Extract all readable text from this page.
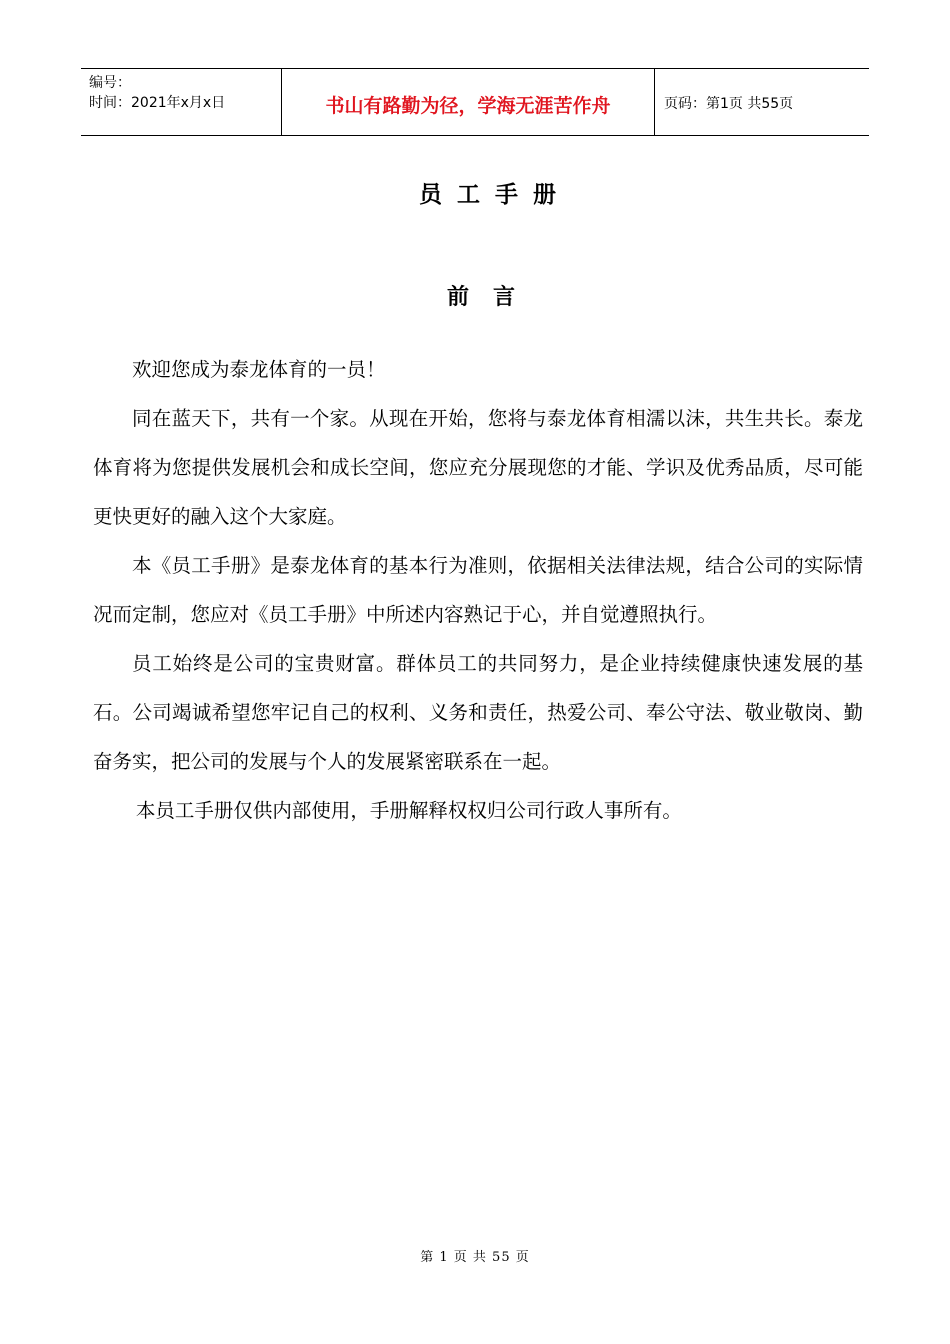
编号：
时间：2021年x月x日	书山有路勤为径，学海无涯苦作舟	页码：第1页 共55页
员工手册
前言

欢迎您成为泰龙体育的一员！

同在蓝天下，共有一个家。从现在开始，您将与泰龙体育相濡以沫，共生共长。泰龙体育将为您提供发展机会和成长空间，您应充分展现您的才能、学识及优秀品质，尽可能更快更好的融入这个大家庭。

本《员工手册》是泰龙体育的基本行为准则，依据相关法律法规，结合公司的实际情况而定制，您应对《员工手册》中所述内容熟记于心，并自觉遵照执行。

员工始终是公司的宝贵财富。群体员工的共同努力，是企业持续健康快速发展的基石。公司竭诚希望您牢记自己的权利、义务和责任，热爱公司、奉公守法、敬业敬岗、勤奋务实，把公司的发展与个人的发展紧密联系在一起。

本员工手册仅供内部使用，手册解释权权归公司行政人事所有。

第 1 页 共 55 页
